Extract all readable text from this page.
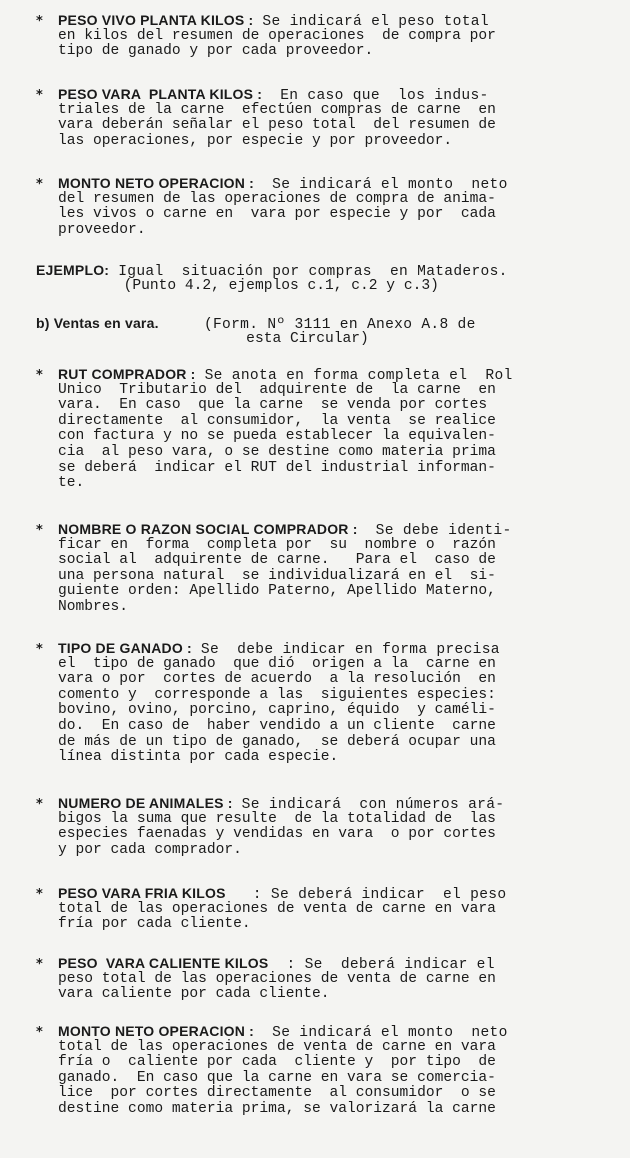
* PESO VIVO PLANTA KILOS : Se indicará el peso total
en kilos del resumen de operaciones  de compra por
tipo de ganado y por cada proveedor.
* PESO VARA  PLANTA KILOS :  En caso que  los indus-
triales de la carne  efectúen compras de carne  en
vara deberán señalar el peso total  del resumen de
las operaciones, por especie y por proveedor.
* MONTO NETO OPERACION :  Se indicará el monto  neto
del resumen de las operaciones de compra de anima-
les vivos o carne en  vara por especie y por  cada
proveedor.
EJEMPLO: Igual  situación por compras  en Mataderos.
(Punto 4.2, ejemplos c.1, c.2 y c.3)
b) Ventas en vara.     (Form. Nº 3111 en Anexo A.8 de
esta Circular)
* RUT COMPRADOR : Se anota en forma completa el  Rol
Unico  Tributario del  adquirente de  la carne  en
vara.  En caso  que la carne  se venda por cortes
directamente  al consumidor,  la venta  se realice
con factura y no se pueda establecer la equivalen-
cia  al peso vara, o se destine como materia prima
se deberá  indicar el RUT del industrial informan-
te.
* NOMBRE O RAZON SOCIAL COMPRADOR :  Se debe identi-
ficar en  forma  completa por  su  nombre o  razón
social al  adquirente de carne.   Para el  caso de
una persona natural  se individualizará en el  si-
guiente orden: Apellido Paterno, Apellido Materno,
Nombres.
* TIPO DE GANADO : Se  debe indicar en forma precisa
el  tipo de ganado  que dió  origen a la  carne en
vara o por  cortes de acuerdo  a la resolución  en
comento y  corresponde a las  siguientes especies:
bovino, ovino, porcino, caprino, équido  y caméli-
do.  En caso de  haber vendido a un cliente  carne
de más de un tipo de ganado,  se deberá ocupar una
línea distinta por cada especie.
* NUMERO DE ANIMALES : Se indicará  con números ará-
bigos la suma que resulte  de la totalidad de  las
especies faenadas y vendidas en vara  o por cortes
y por cada comprador.
* PESO VARA FRIA KILOS   : Se deberá indicar  el peso
total de las operaciones de venta de carne en vara
fría por cada cliente.
* PESO  VARA CALIENTE KILOS  : Se  deberá indicar el
peso total de las operaciones de venta de carne en
vara caliente por cada cliente.
* MONTO NETO OPERACION :  Se indicará el monto  neto
total de las operaciones de venta de carne en vara
fría o  caliente por cada  cliente y  por tipo  de
ganado.  En caso que la carne en vara se comercia-
lice  por cortes directamente  al consumidor  o se
destine como materia prima, se valorizará la carne
